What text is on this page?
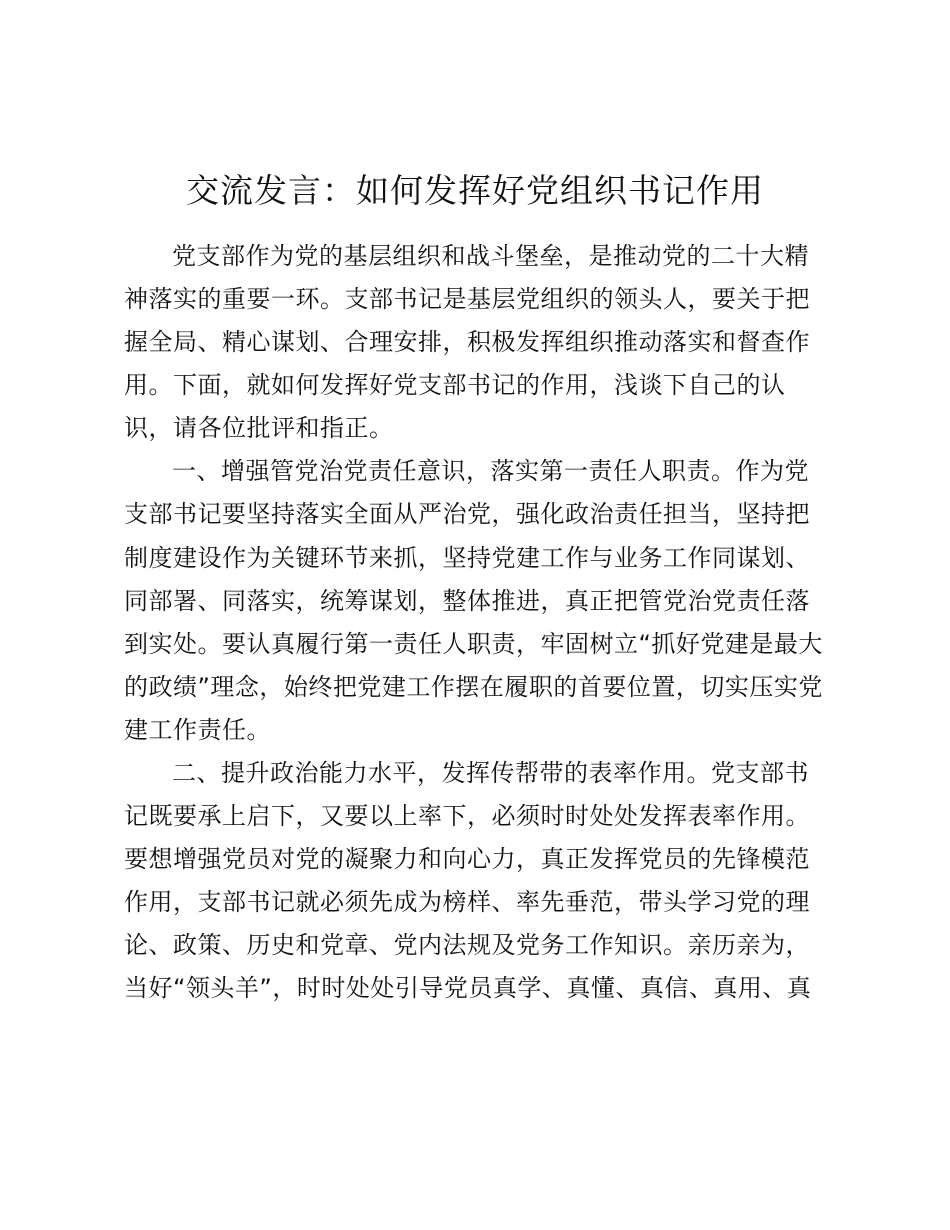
交流发言：如何发挥好党组织书记作用
党支部作为党的基层组织和战斗堡垒，是推动党的二十大精
神落实的重要一环。支部书记是基层党组织的领头人，要关于把
握全局、精心谋划、合理安排，积极发挥组织推动落实和督查作
用。下面，就如何发挥好党支部书记的作用，浅谈下自己的认
识，请各位批评和指正。
一、增强管党治党责任意识，落实第一责任人职责。作为党
支部书记要坚持落实全面从严治党，强化政治责任担当，坚持把
制度建设作为关键环节来抓，坚持党建工作与业务工作同谋划、
同部署、同落实，统筹谋划，整体推进，真正把管党治党责任落
到实处。要认真履行第一责任人职责，牢固树立“抓好党建是最大
的政绩”理念，始终把党建工作摆在履职的首要位置，切实压实党
建工作责任。
二、提升政治能力水平，发挥传帮带的表率作用。党支部书
记既要承上启下，又要以上率下，必须时时处处发挥表率作用。
要想增强党员对党的凝聚力和向心力，真正发挥党员的先锋模范
作用，支部书记就必须先成为榜样、率先垂范，带头学习党的理
论、政策、历史和党章、党内法规及党务工作知识。亲历亲为，
当好“领头羊”，时时处处引导党员真学、真懂、真信、真用、真
